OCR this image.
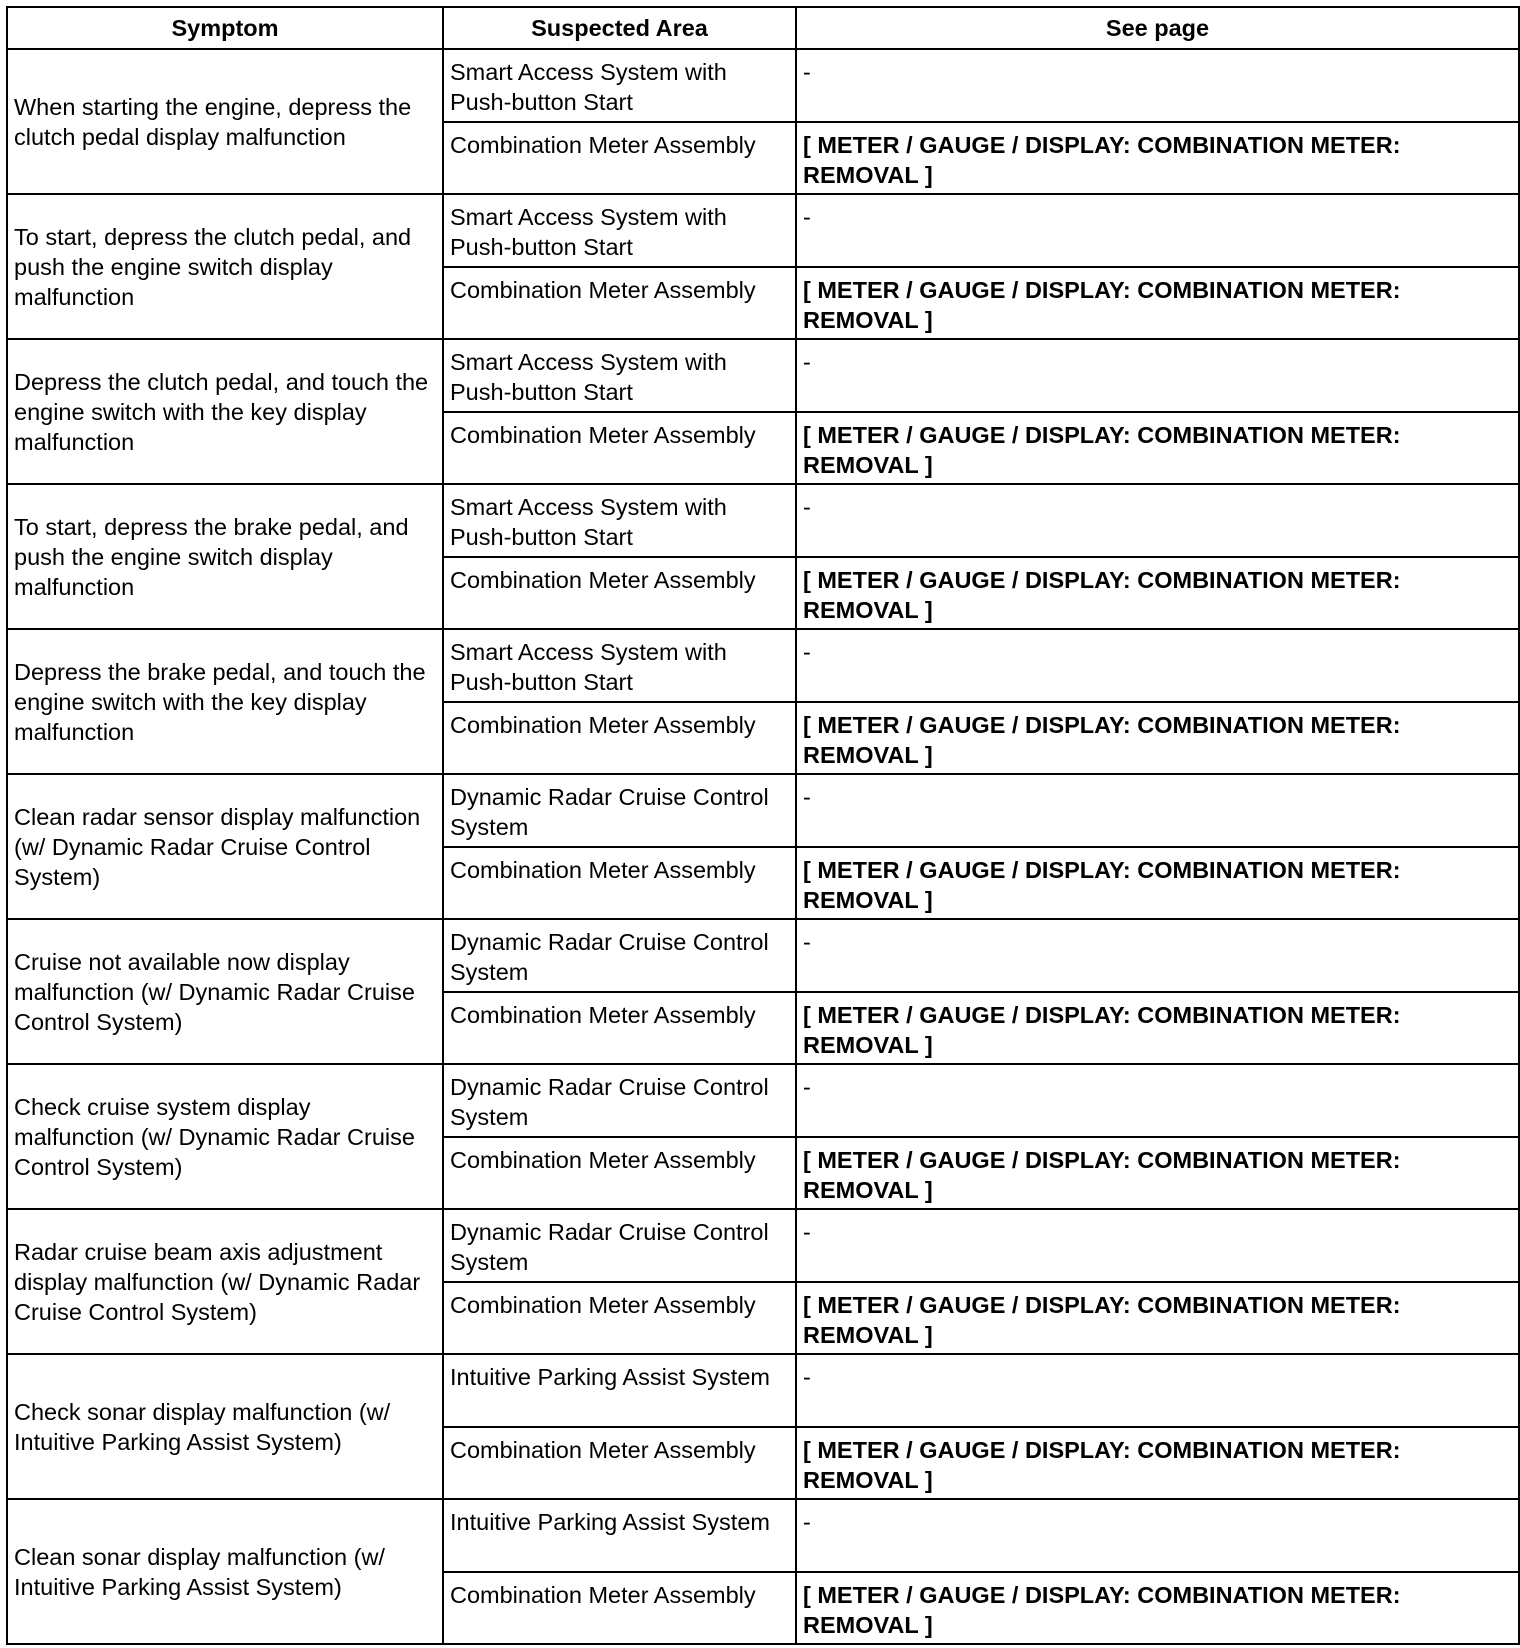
Symptom	Suspected Area	See page
When starting the engine, depress the clutch pedal display malfunction	Smart Access System with Push-button Start	-
	Combination Meter Assembly	[ METER / GAUGE / DISPLAY: COMBINATION METER: REMOVAL ]
To start, depress the clutch pedal, and push the engine switch display malfunction	Smart Access System with Push-button Start	-
	Combination Meter Assembly	[ METER / GAUGE / DISPLAY: COMBINATION METER: REMOVAL ]
Depress the clutch pedal, and touch the engine switch with the key display malfunction	Smart Access System with Push-button Start	-
	Combination Meter Assembly	[ METER / GAUGE / DISPLAY: COMBINATION METER: REMOVAL ]
To start, depress the brake pedal, and push the engine switch display malfunction	Smart Access System with Push-button Start	-
	Combination Meter Assembly	[ METER / GAUGE / DISPLAY: COMBINATION METER: REMOVAL ]
Depress the brake pedal, and touch the engine switch with the key display malfunction	Smart Access System with Push-button Start	-
	Combination Meter Assembly	[ METER / GAUGE / DISPLAY: COMBINATION METER: REMOVAL ]
Clean radar sensor display malfunction (w/ Dynamic Radar Cruise Control System)	Dynamic Radar Cruise Control System	-
	Combination Meter Assembly	[ METER / GAUGE / DISPLAY: COMBINATION METER: REMOVAL ]
Cruise not available now display malfunction (w/ Dynamic Radar Cruise Control System)	Dynamic Radar Cruise Control System	-
	Combination Meter Assembly	[ METER / GAUGE / DISPLAY: COMBINATION METER: REMOVAL ]
Check cruise system display malfunction (w/ Dynamic Radar Cruise Control System)	Dynamic Radar Cruise Control System	-
	Combination Meter Assembly	[ METER / GAUGE / DISPLAY: COMBINATION METER: REMOVAL ]
Radar cruise beam axis adjustment display malfunction (w/ Dynamic Radar Cruise Control System)	Dynamic Radar Cruise Control System	-
	Combination Meter Assembly	[ METER / GAUGE / DISPLAY: COMBINATION METER: REMOVAL ]
Check sonar display malfunction (w/ Intuitive Parking Assist System)	Intuitive Parking Assist System	-
	Combination Meter Assembly	[ METER / GAUGE / DISPLAY: COMBINATION METER: REMOVAL ]
Clean sonar display malfunction (w/ Intuitive Parking Assist System)	Intuitive Parking Assist System	-
	Combination Meter Assembly	[ METER / GAUGE / DISPLAY: COMBINATION METER: REMOVAL ]
